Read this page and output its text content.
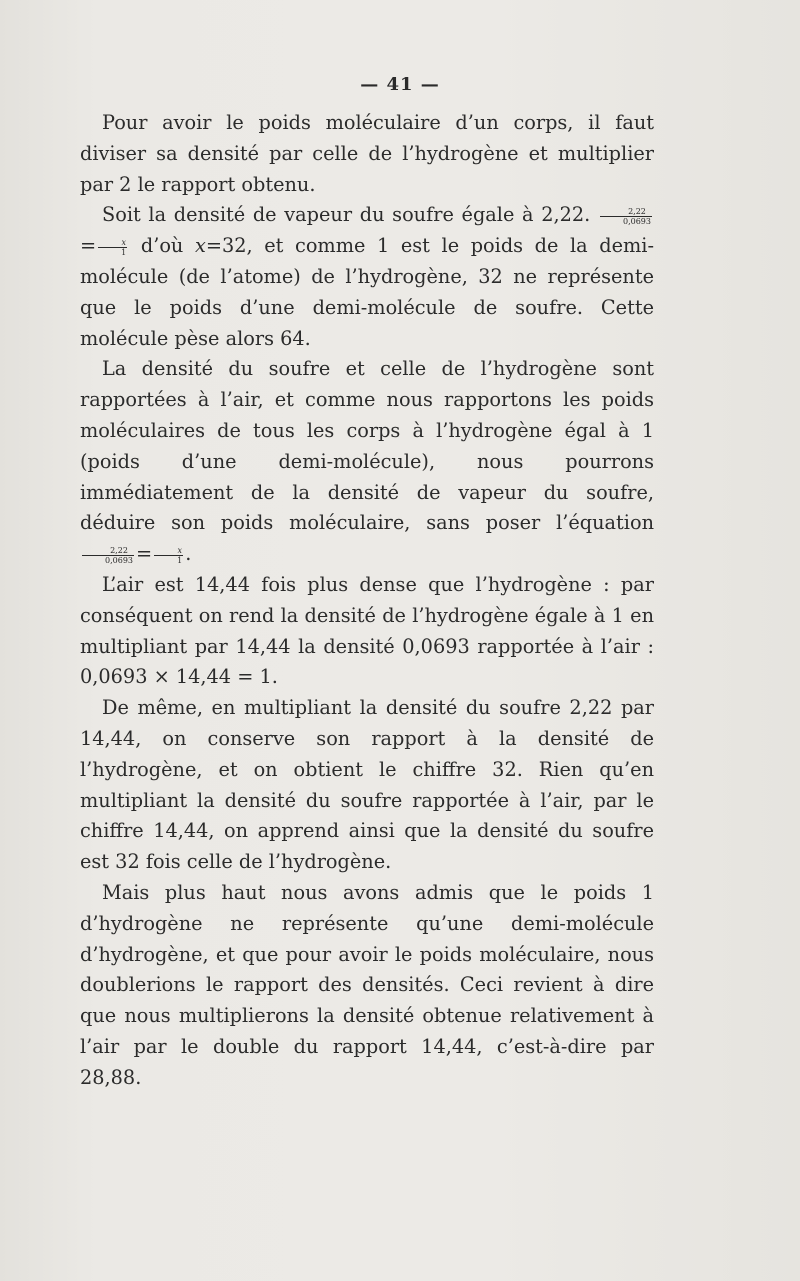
— 41 —

Pour avoir le poids moléculaire d’un corps, il faut diviser sa densité par celle de l’hydrogène et multiplier par 2 le rapport obtenu.

Soit la densité de vapeur du soufre égale à 2,22. $\frac{2,22}{0,0693}$
= $\frac{x}{1}$ d’où x=32, et comme 1 est le poids de la demi-molécule (de l’atome) de l’hydrogène, 32 ne représente que le poids d’une demi-molécule de soufre. Cette molécule pèse alors 64.

La densité du soufre et celle de l’hydrogène sont rapportées à l’air, et comme nous rapportons les poids moléculaires de tous les corps à l’hydrogène égal à 1 (poids d’une demi-molécule), nous pourrons immédiatement de la densité de vapeur du soufre, déduire son poids moléculaire, sans poser l’équation
$\frac{2,22}{0,0693} = \frac{x}{1}$ .

L’air est 14,44 fois plus dense que l’hydrogène : par conséquent on rend la densité de l’hydrogène égale à 1 en multipliant par 14,44 la densité 0,0693 rapportée à l’air : 0,0693 × 14,44 = 1.

De même, en multipliant la densité du soufre 2,22 par 14,44, on conserve son rapport à la densité de l’hydrogène, et on obtient le chiffre 32. Rien qu’en multipliant la densité du soufre rapportée à l’air, par le chiffre 14,44, on apprend ainsi que la densité du soufre est 32 fois celle de l’hydrogène.

Mais plus haut nous avons admis que le poids 1 d’hydrogène ne représente qu’une demi-molécule d’hydrogène, et que pour avoir le poids moléculaire, nous doublerions le rapport des densités. Ceci revient à dire que nous multiplierons la densité obtenue relativement à l’air par le double du rapport 14,44, c’est-à-dire par 28,88.
